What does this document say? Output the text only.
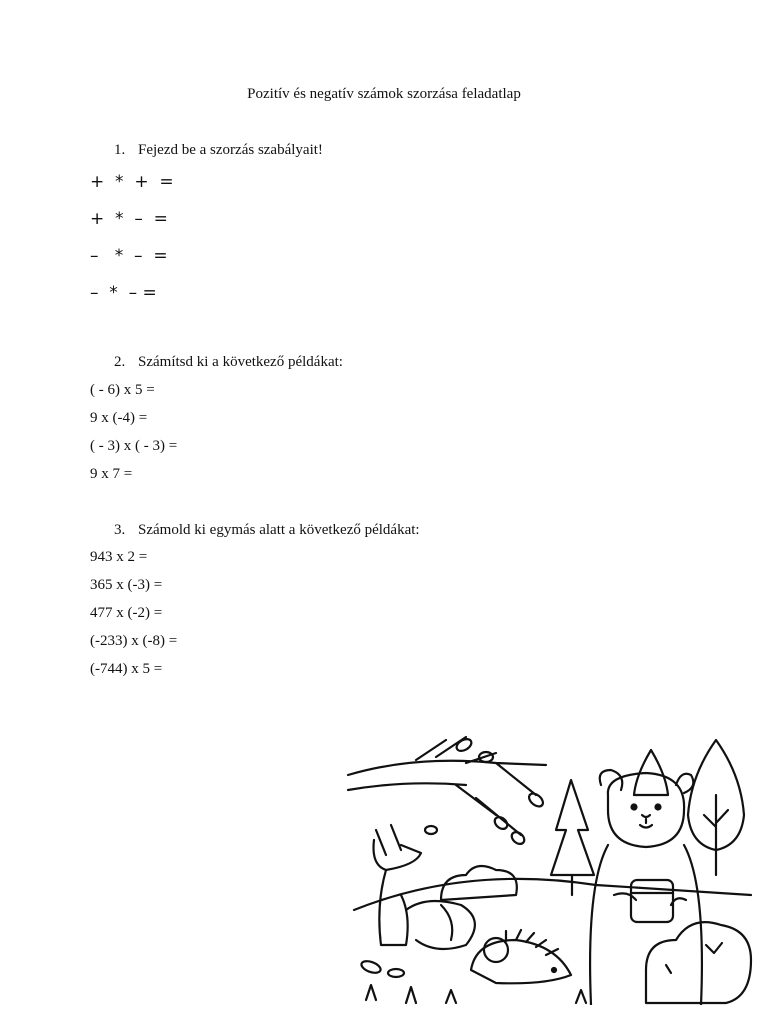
Pozitív és negatív számok szorzása feladatlap
1. Fejezd be a szorzás szabályait!
+  *  +  =
+  *  –  =
–   *  –  =
–  *  – =
2. Számítsd ki a következő példákat:
( - 6) x 5 =
9 x (-4) =
( - 3) x ( - 3) =
9 x 7 =
3. Számold ki egymás alatt a következő példákat:
943 x 2 =
365 x (-3) =
477 x (-2) =
(-233) x (-8) =
(-744) x 5 =
